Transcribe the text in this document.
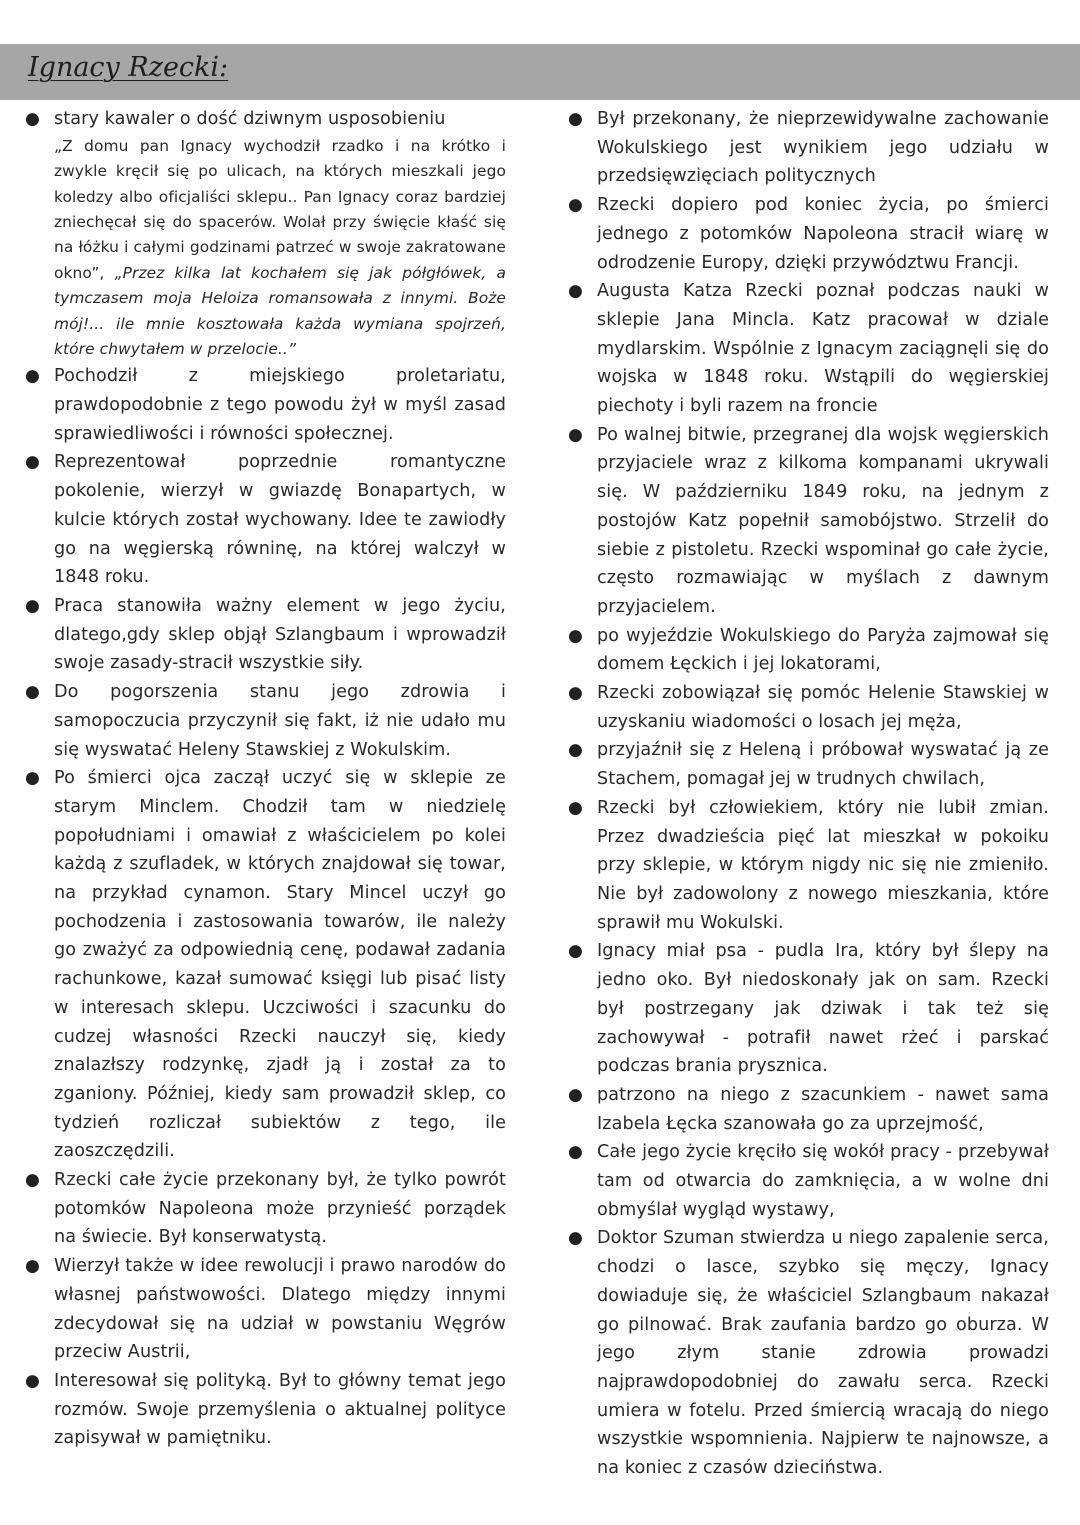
Ignacy Rzecki:
● stary kawaler o dość dziwnym usposobieniu
„Z domu pan Ignacy wychodził rzadko i na krótko i zwykle kręcił się po ulicach, na których mieszkali jego koledzy albo oficjaliści sklepu.. Pan Ignacy coraz bardziej zniechęcał się do spacerów. Wolał przy święcie kłaść się na łóżku i całymi godzinami patrzeć w swoje zakratowane okno”, „Przez kilka lat kochałem się jak półgłówek, a tymczasem moja Heloiza romansowała z innymi. Boże mój!... ile mnie kosztowała każda wymiana spojrzeń, które chwytałem w przelocie..”
● Pochodził z miejskiego proletariatu, prawdopodobnie z tego powodu żył w myśl zasad sprawiedliwości i równości społecznej.
● Reprezentował poprzednie romantyczne pokolenie, wierzył w gwiazdę Bonapartych, w kulcie których został wychowany. Idee te zawiodły go na węgierską równinę, na której walczył w 1848 roku.
● Praca stanowiła ważny element w jego życiu, dlatego,gdy sklep objął Szlangbaum i wprowadził swoje zasady-stracił wszystkie siły.
● Do pogorszenia stanu jego zdrowia i samopoczucia przyczynił się fakt, iż nie udało mu się wyswatać Heleny Stawskiej z Wokulskim.
● Po śmierci ojca zaczął uczyć się w sklepie ze starym Minclem. Chodził tam w niedzielę popołudniami i omawiał z właścicielem po kolei każdą z szufladek, w których znajdował się towar, na przykład cynamon. Stary Mincel uczył go pochodzenia i zastosowania towarów, ile należy go zważyć za odpowiednią cenę, podawał zadania rachunkowe, kazał sumować księgi lub pisać listy w interesach sklepu. Uczciwości i szacunku do cudzej własności Rzecki nauczył się, kiedy znalazłszy rodzynkę, zjadł ją i został za to zganiony. Później, kiedy sam prowadził sklep, co tydzień rozliczał subiektów z tego, ile zaoszczędzili.
● Rzecki całe życie przekonany był, że tylko powrót potomków Napoleona może przynieść porządek na świecie. Był konserwatystą.
● Wierzył także w idee rewolucji i prawo narodów do własnej państwowości. Dlatego między innymi zdecydował się na udział w powstaniu Węgrów przeciw Austrii,
● Interesował się polityką. Był to główny temat jego rozmów. Swoje przemyślenia o aktualnej polityce zapisywał w pamiętniku.
● Był przekonany, że nieprzewidywalne zachowanie Wokulskiego jest wynikiem jego udziału w przedsięwzięciach politycznych
● Rzecki dopiero pod koniec życia, po śmierci jednego z potomków Napoleona stracił wiarę w odrodzenie Europy, dzięki przywództwu Francji.
● Augusta Katza Rzecki poznał podczas nauki w sklepie Jana Mincla. Katz pracował w dziale mydlarskim. Wspólnie z Ignacym zaciągnęli się do wojska w 1848 roku. Wstąpili do węgierskiej piechoty i byli razem na froncie
● Po walnej bitwie, przegranej dla wojsk węgierskich przyjaciele wraz z kilkoma kompanami ukrywali się. W październiku 1849 roku, na jednym z postojów Katz popełnił samobójstwo. Strzelił do siebie z pistoletu. Rzecki wspominał go całe życie, często rozmawiając w myślach z dawnym przyjacielem.
● po wyjeździe Wokulskiego do Paryża zajmował się domem Łęckich i jej lokatorami,
● Rzecki zobowiązał się pomóc Helenie Stawskiej w uzyskaniu wiadomości o losach jej męża,
● przyjaźnił się z Heleną i próbował wyswatać ją ze Stachem, pomagał jej w trudnych chwilach,
● Rzecki był człowiekiem, który nie lubił zmian. Przez dwadzieścia pięć lat mieszkał w pokoiku przy sklepie, w którym nigdy nic się nie zmieniło. Nie był zadowolony z nowego mieszkania, które sprawił mu Wokulski.
● Ignacy miał psa - pudla Ira, który był ślepy na jedno oko. Był niedoskonały jak on sam. Rzecki był postrzegany jak dziwak i tak też się zachowywał - potrafił nawet rżeć i parskać podczas brania prysznica.
● patrzono na niego z szacunkiem - nawet sama Izabela Łęcka szanowała go za uprzejmość,
● Całe jego życie kręciło się wokół pracy - przebywał tam od otwarcia do zamknięcia, a w wolne dni obmyślał wygląd wystawy,
● Doktor Szuman stwierdza u niego zapalenie serca, chodzi o lasce, szybko się męczy, Ignacy dowiaduje się, że właściciel Szlangbaum nakazał go pilnować. Brak zaufania bardzo go oburza. W jego złym stanie zdrowia prowadzi najprawdopodobniej do zawału serca. Rzecki umiera w fotelu. Przed śmiercią wracają do niego wszystkie wspomnienia. Najpierw te najnowsze, a na koniec z czasów dzieciństwa.
